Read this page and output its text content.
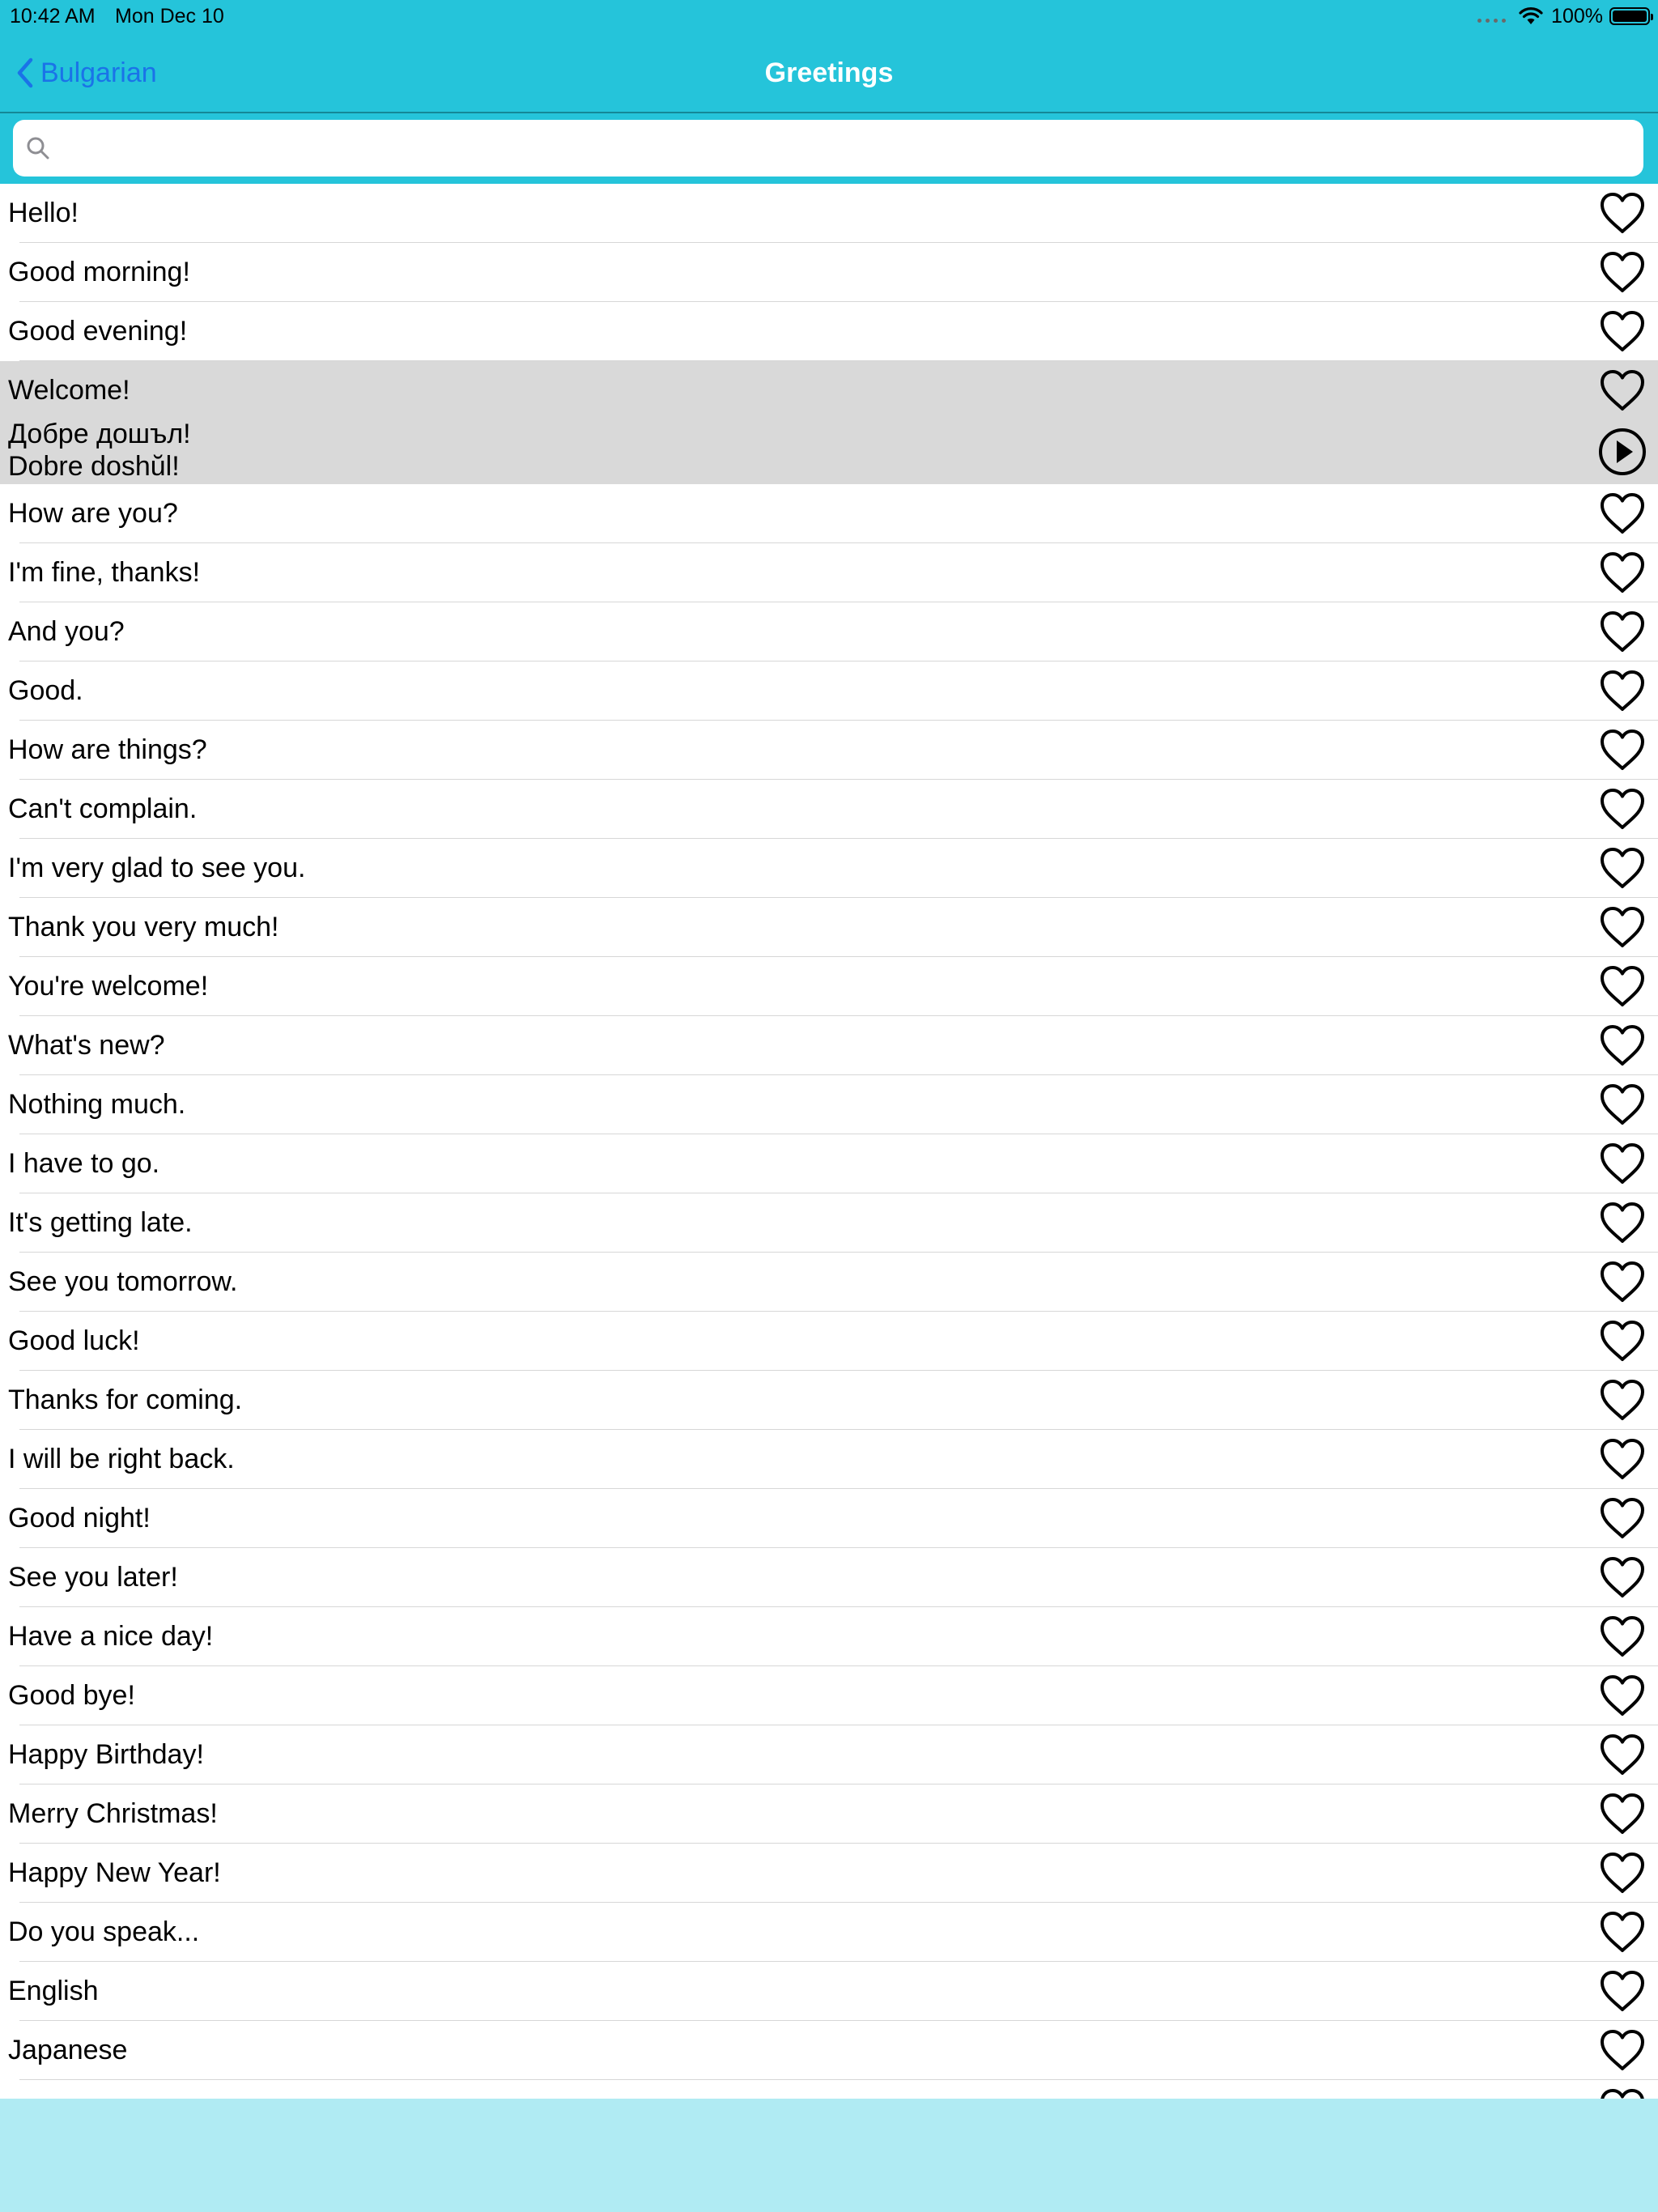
10:42 AM Mon Dec 10	100%
Bulgarian	Greetings
Hello!
Good morning!
Good evening!
Welcome!
Добре дошъл!
Dobre doshŭl!
How are you?
I'm fine, thanks!
And you?
Good.
How are things?
Can't complain.
I'm very glad to see you.
Thank you very much!
You're welcome!
What's new?
Nothing much.
I have to go.
It's getting late.
See you tomorrow.
Good luck!
Thanks for coming.
I will be right back.
Good night!
See you later!
Have a nice day!
Good bye!
Happy Birthday!
Merry Christmas!
Happy New Year!
Do you speak...
English
Japanese
